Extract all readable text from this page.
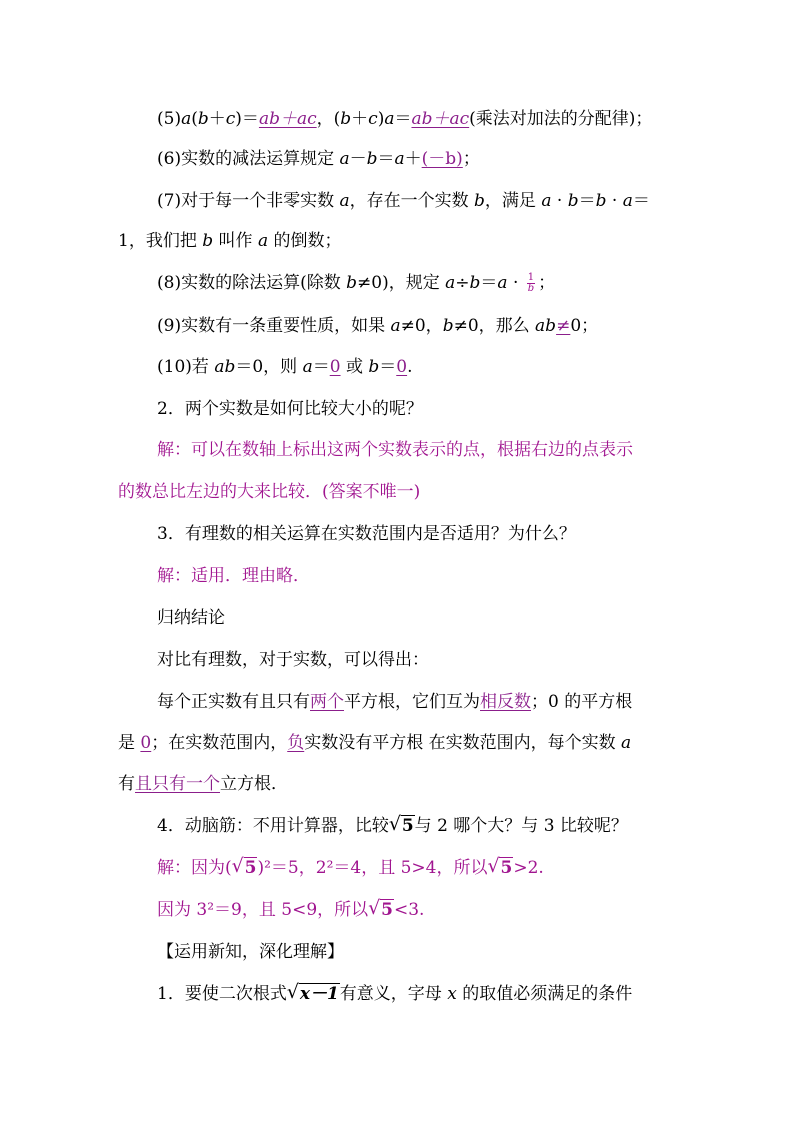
(5)a(b＋c)＝ab＋ac，(b＋c)a＝ab＋ac(乘法对加法的分配律)；
(6)实数的减法运算规定 a－b＝a＋(－b)；
(7)对于每一个非零实数 a，存在一个实数 b，满足 a · b＝b · a＝
1，我们把 b 叫作 a 的倒数；
(8)实数的除法运算(除数 b≠0)，规定 $a\div b=a \cdot \frac{1}{b}$ ；
(9)实数有一条重要性质，如果 a≠0，b≠0，那么 ab≠0；
(10)若 ab＝0，则 a＝0 或 b＝0.
2．两个实数是如何比较大小的呢？
解：可以在数轴上标出这两个实数表示的点，根据右边的点表示
的数总比左边的大来比较．(答案不唯一)
3．有理数的相关运算在实数范围内是否适用？为什么？
解：适用．理由略．
归纳结论
对比有理数，对于实数，可以得出：
每个正实数有且只有两个平方根，它们互为相反数；0 的平方根
是 0；在实数范围内，负实数没有平方根 在实数范围内，每个实数 a
有且只有一个立方根．
4．动脑筋：不用计算器，比较 √ 5与 2 哪个大？与 3 比较呢？
解：因为( √ 5)²＝5，2²＝4，且 5>4，所以 √ 5>2.
因为 3²＝9，且 5<9，所以 √ 5<3.
【运用新知，深化理解】
1．要使二次根式 √ x－1有意义，字母 x 的取值必须满足的条件
